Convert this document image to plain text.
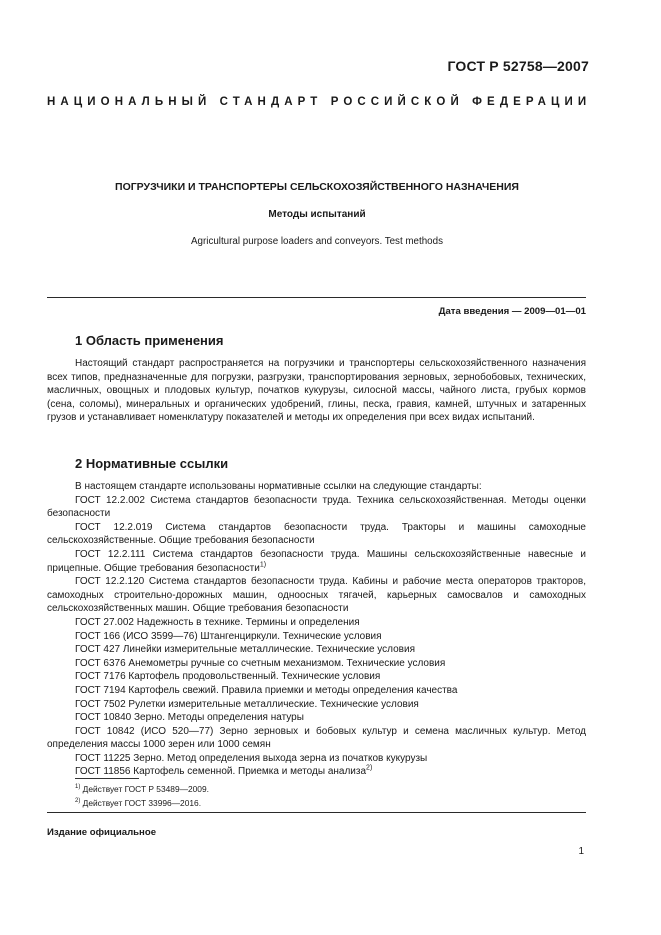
ГОСТ Р 52758—2007
НАЦИОНАЛЬНЫЙ СТАНДАРТ РОССИЙСКОЙ ФЕДЕРАЦИИ
ПОГРУЗЧИКИ И ТРАНСПОРТЕРЫ СЕЛЬСКОХОЗЯЙСТВЕННОГО НАЗНАЧЕНИЯ
Методы испытаний
Agricultural purpose loaders and conveyors. Test methods
Дата введения — 2009—01—01
1 Область применения

Настоящий стандарт распространяется на погрузчики и транспортеры сельскохозяйственного назначения всех типов, предназначенные для погрузки, разгрузки, транспортирования зерновых, зернобобовых, технических, масличных, овощных и плодовых культур, початков кукурузы, силосной массы, чайного листа, грубых кормов (сена, соломы), минеральных и органических удобрений, глины, песка, гравия, камней, штучных и затаренных грузов и устанавливает номенклатуру показателей и методы их определения при всех видах испытаний.

2 Нормативные ссылки

В настоящем стандарте использованы нормативные ссылки на следующие стандарты:

ГОСТ 12.2.002 Система стандартов безопасности труда. Техника сельскохозяйственная. Методы оценки безопасности

ГОСТ 12.2.019 Система стандартов безопасности труда. Тракторы и машины самоходные сельскохозяйственные. Общие требования безопасности

ГОСТ 12.2.111 Система стандартов безопасности труда. Машины сельскохозяйственные навесные и прицепные. Общие требования безопасности$^{1)}$

ГОСТ 12.2.120 Система стандартов безопасности труда. Кабины и рабочие места операторов тракторов, самоходных строительно-дорожных машин, одноосных тягачей, карьерных самосвалов и самоходных сельскохозяйственных машин. Общие требования безопасности

ГОСТ 27.002 Надежность в технике. Термины и определения

ГОСТ 166 (ИСО 3599—76) Штангенциркули. Технические условия

ГОСТ 427 Линейки измерительные металлические. Технические условия

ГОСТ 6376 Анемометры ручные со счетным механизмом. Технические условия

ГОСТ 7176 Картофель продовольственный. Технические условия

ГОСТ 7194 Картофель свежий. Правила приемки и методы определения качества

ГОСТ 7502 Рулетки измерительные металлические. Технические условия

ГОСТ 10840 Зерно. Методы определения натуры

ГОСТ 10842 (ИСО 520—77) Зерно зерновых и бобовых культур и семена масличных культур. Метод определения массы 1000 зерен или 1000 семян

ГОСТ 11225 Зерно. Метод определения выхода зерна из початков кукурузы

ГОСТ 11856 Картофель семенной. Приемка и методы анализа$^{2)}$

$^{1)}$ Действует ГОСТ Р 53489—2009.
$^{2)}$ Действует ГОСТ 33996—2016.
Издание официальное
1
